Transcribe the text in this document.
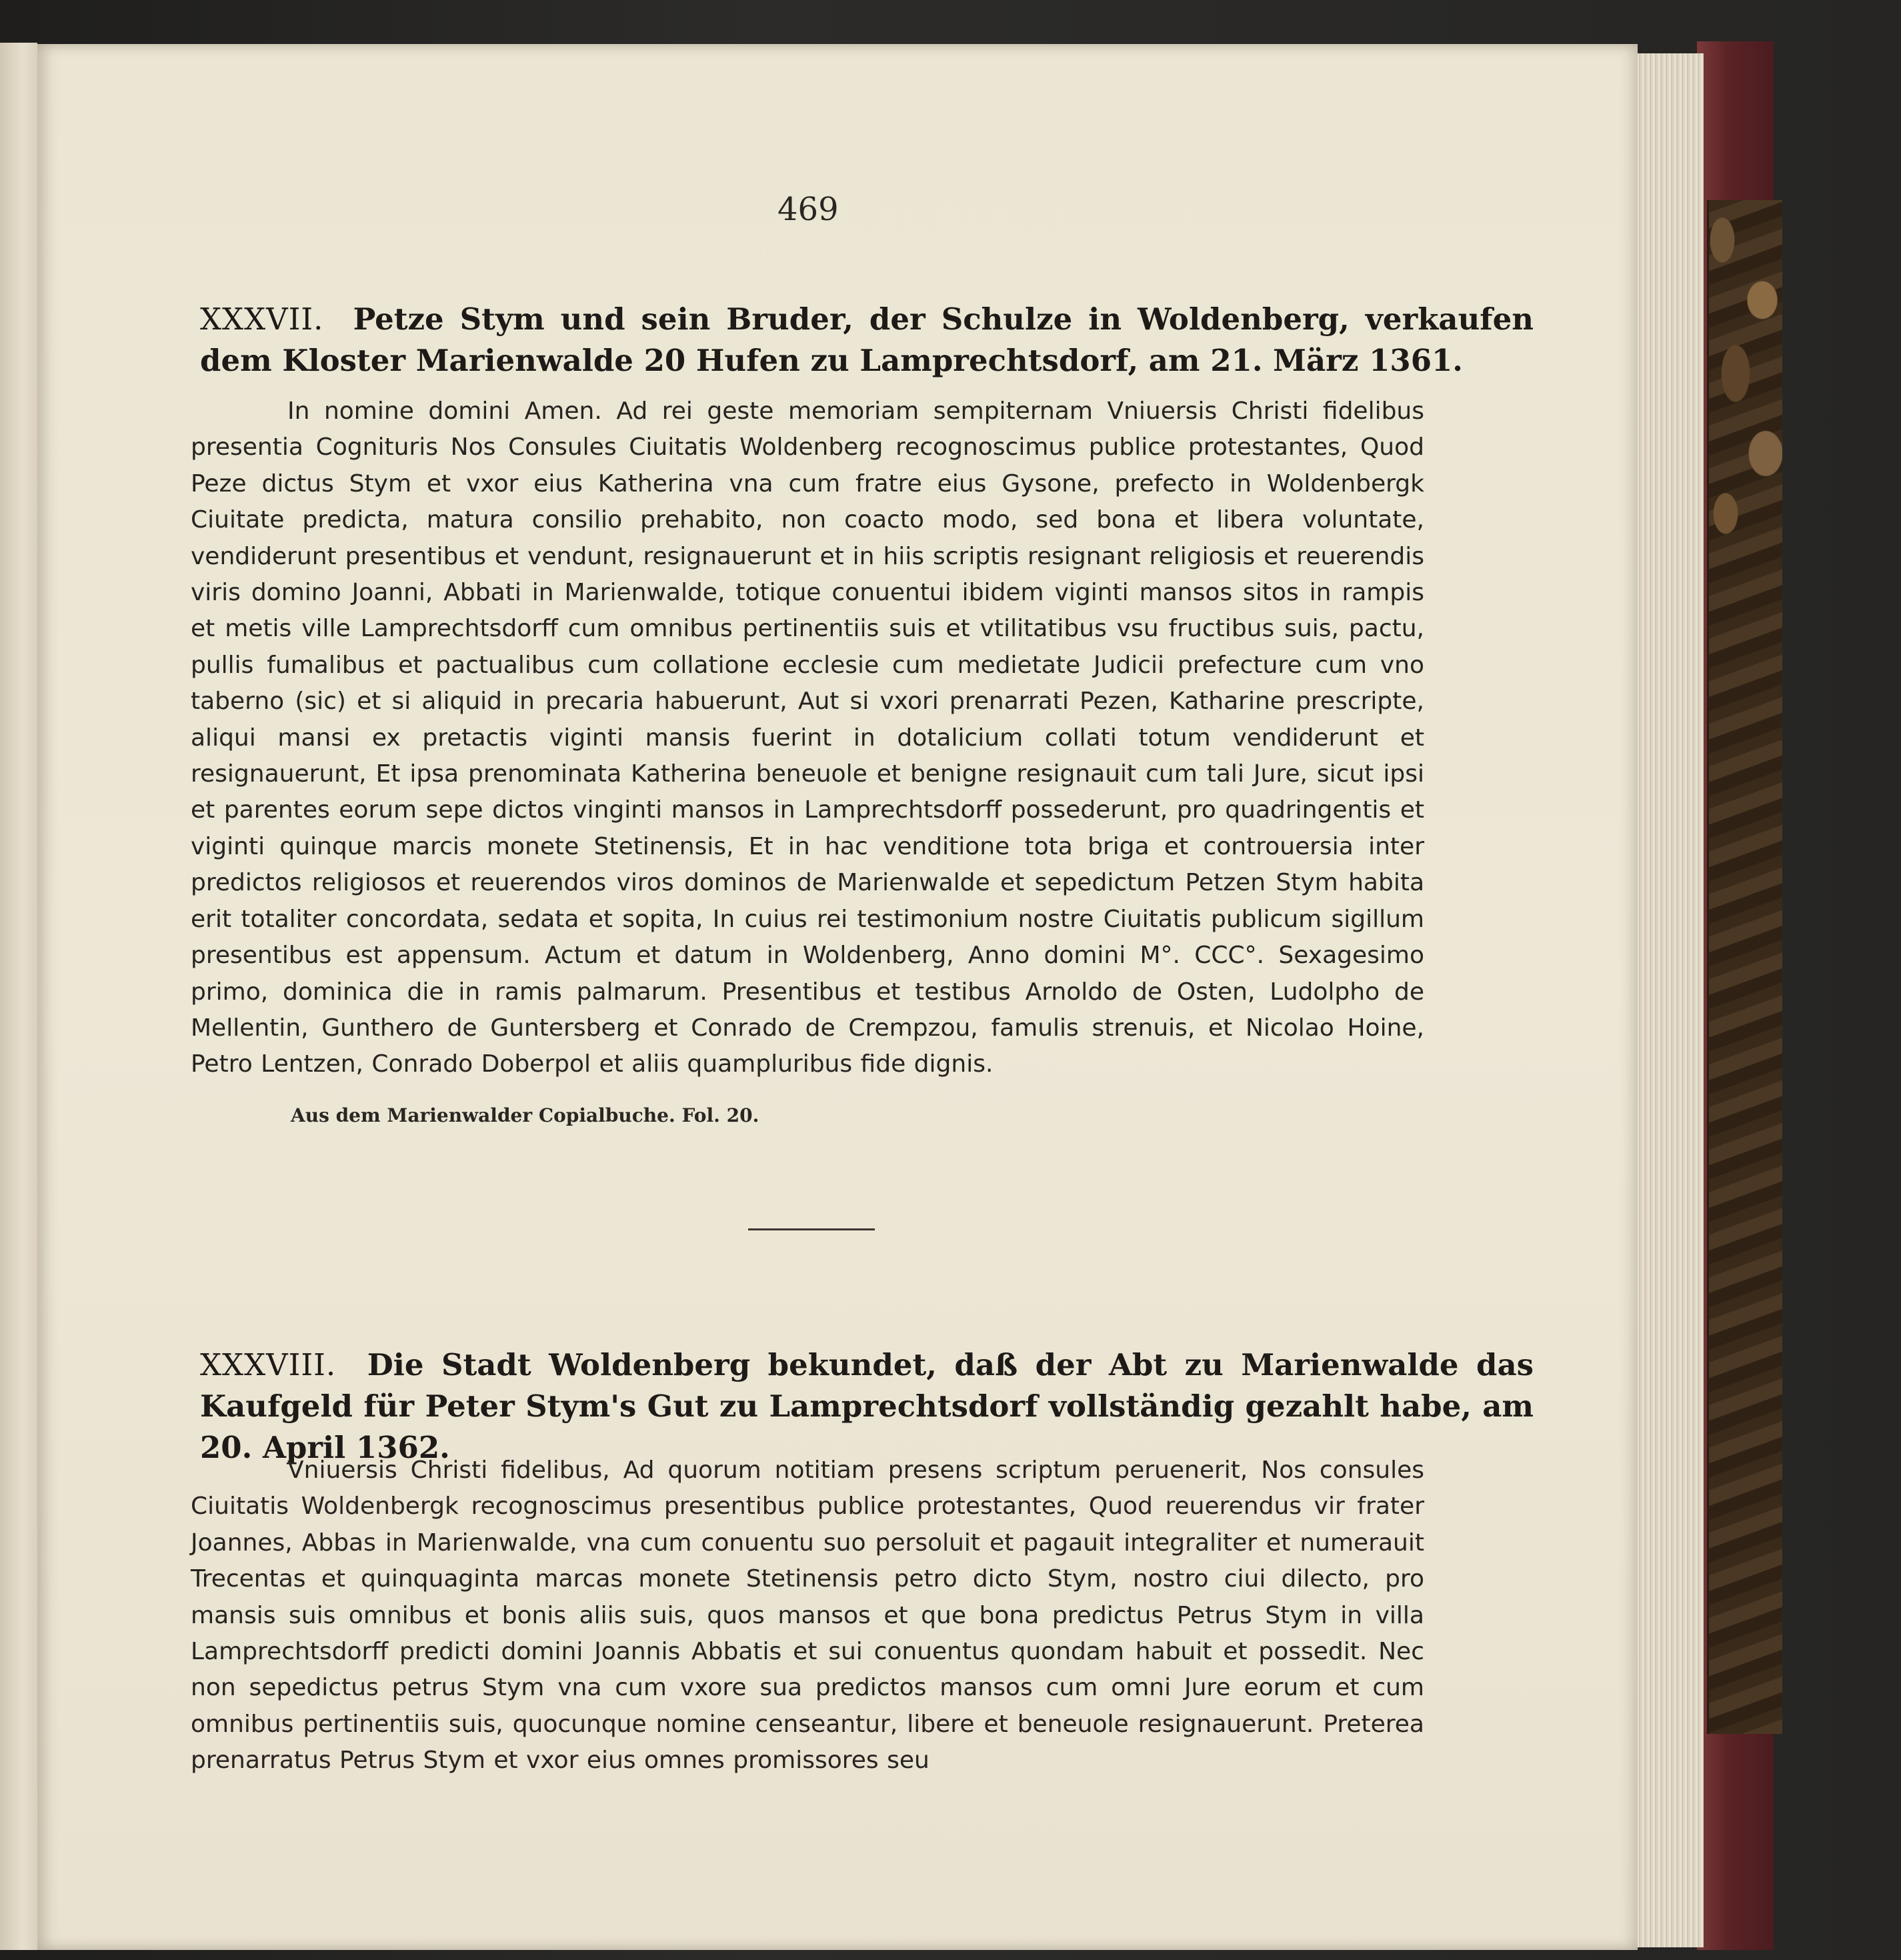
469
XXXVII. Petze Stym und sein Bruder, der Schulze in Woldenberg, verkaufen dem Kloster Marienwalde 20 Hufen zu Lamprechtsdorf, am 21. März 1361.

In nomine domini Amen. Ad rei geste memoriam sempiternam Vniuersis Christi fidelibus presentia Cognituris Nos Consules Ciuitatis Woldenberg recognoscimus publice protestantes, Quod Peze dictus Stym et vxor eius Katherina vna cum fratre eius Gysone, prefecto in Woldenbergk Ciuitate predicta, matura consilio prehabito, non coacto modo, sed bona et libera voluntate, vendiderunt presentibus et vendunt, resignauerunt et in hiis scriptis resignant religiosis et reuerendis viris domino Joanni, Abbati in Marienwalde, totique conuentui ibidem viginti mansos sitos in rampis et metis ville Lamprechtsdorff cum omnibus pertinentiis suis et vtilitatibus vsu fructibus suis, pactu, pullis fumalibus et pactualibus cum collatione ecclesie cum medietate Judicii prefecture cum vno taberno (sic) et si aliquid in precaria habuerunt, Aut si vxori prenarrati Pezen, Katharine prescripte, aliqui mansi ex pretactis viginti mansis fuerint in dotalicium collati totum vendiderunt et resignauerunt, Et ipsa prenominata Katherina beneuole et benigne resignauit cum tali Jure, sicut ipsi et parentes eorum sepe dictos vinginti mansos in Lamprechtsdorff possederunt, pro quadringentis et viginti quinque marcis monete Stetinensis, Et in hac venditione tota briga et controuersia inter predictos religiosos et reuerendos viros dominos de Marienwalde et sepedictum Petzen Stym habita erit totaliter concordata, sedata et sopita, In cuius rei testimonium nostre Ciuitatis publicum sigillum presentibus est appensum. Actum et datum in Woldenberg, Anno domini M°. CCC°. Sexagesimo primo, dominica die in ramis palmarum. Presentibus et testibus Arnoldo de Osten, Ludolpho de Mellentin, Gunthero de Guntersberg et Conrado de Crempzou, famulis strenuis, et Nicolao Hoine, Petro Lentzen, Conrado Doberpol et aliis quampluribus fide dignis.

Aus dem Marienwalder Copialbuche. Fol. 20.
XXXVIII. Die Stadt Woldenberg bekundet, daß der Abt zu Marienwalde das Kaufgeld für Peter Stym's Gut zu Lamprechtsdorf vollständig gezahlt habe, am 20. April 1362.

Vniuersis Christi fidelibus, Ad quorum notitiam presens scriptum peruenerit, Nos consules Ciuitatis Woldenbergk recognoscimus presentibus publice protestantes, Quod reuerendus vir frater Joannes, Abbas in Marienwalde, vna cum conuentu suo persoluit et pagauit integraliter et numerauit Trecentas et quinquaginta marcas monete Stetinensis petro dicto Stym, nostro ciui dilecto, pro mansis suis omnibus et bonis aliis suis, quos mansos et que bona predictus Petrus Stym in villa Lamprechtsdorff predicti domini Joannis Abbatis et sui conuentus quondam habuit et possedit. Nec non sepedictus petrus Stym vna cum vxore sua predictos mansos cum omni Jure eorum et cum omnibus pertinentiis suis, quocunque nomine censeantur, libere et beneuole resignauerunt. Preterea prenarratus Petrus Stym et vxor eius omnes promissores seu
